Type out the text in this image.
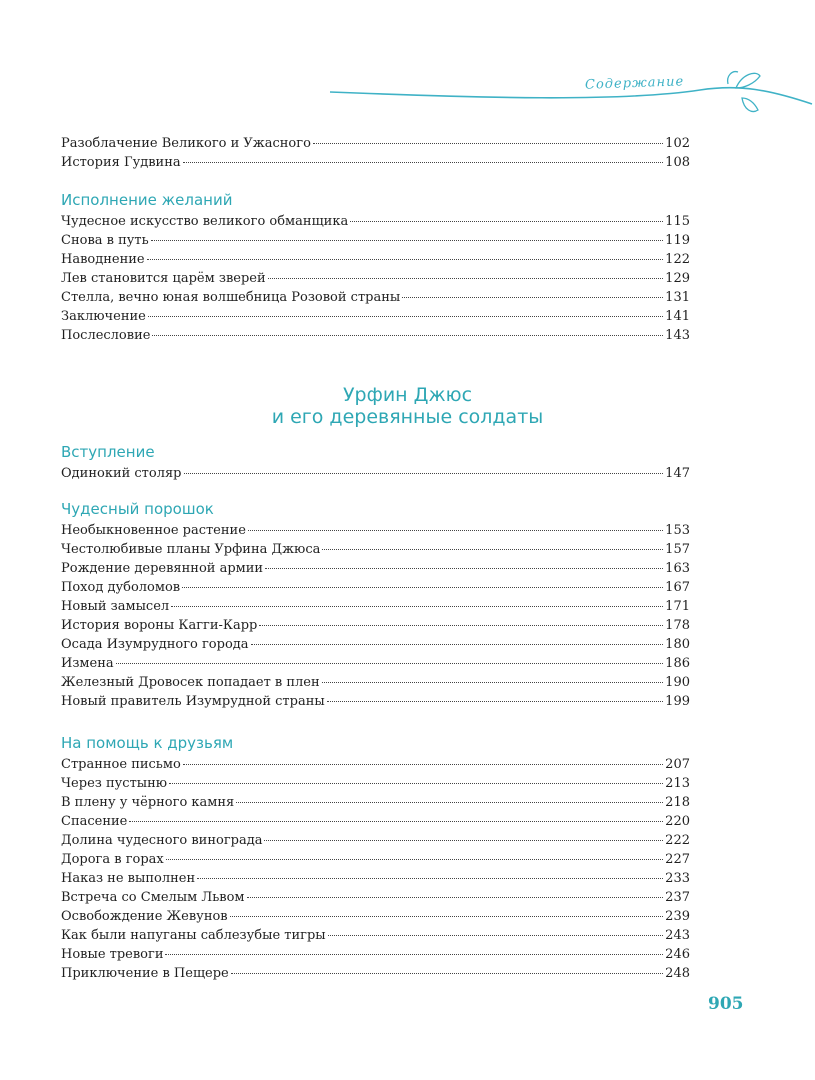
Содержание
Разоблачение Великого и Ужасного	102
История Гудвина	108
Исполнение желаний
Чудесное искусство великого обманщика	115
Снова в путь	119
Наводнение	122
Лев становится царём зверей	129
Стелла, вечно юная волшебница Розовой страны	131
Заключение	141
Послесловие	143
Урфин Джюс
и его деревянные солдаты
Вступление
Одинокий столяр	147
Чудесный порошок
Необыкновенное растение	153
Честолюбивые планы Урфина Джюса	157
Рождение деревянной армии	163
Поход дуболомов	167
Новый замысел	171
История вороны Кагги-Карр	178
Осада Изумрудного города	180
Измена	186
Железный Дровосек попадает в плен	190
Новый правитель Изумрудной страны	199
На помощь к друзьям
Странное письмо	207
Через пустыню	213
В плену у чёрного камня	218
Спасение	220
Долина чудесного винограда	222
Дорога в горах	227
Наказ не выполнен	233
Встреча со Смелым Львом	237
Освобождение Жевунов	239
Как были напуганы саблезубые тигры	243
Новые тревоги	246
Приключение в Пещере	248
905
